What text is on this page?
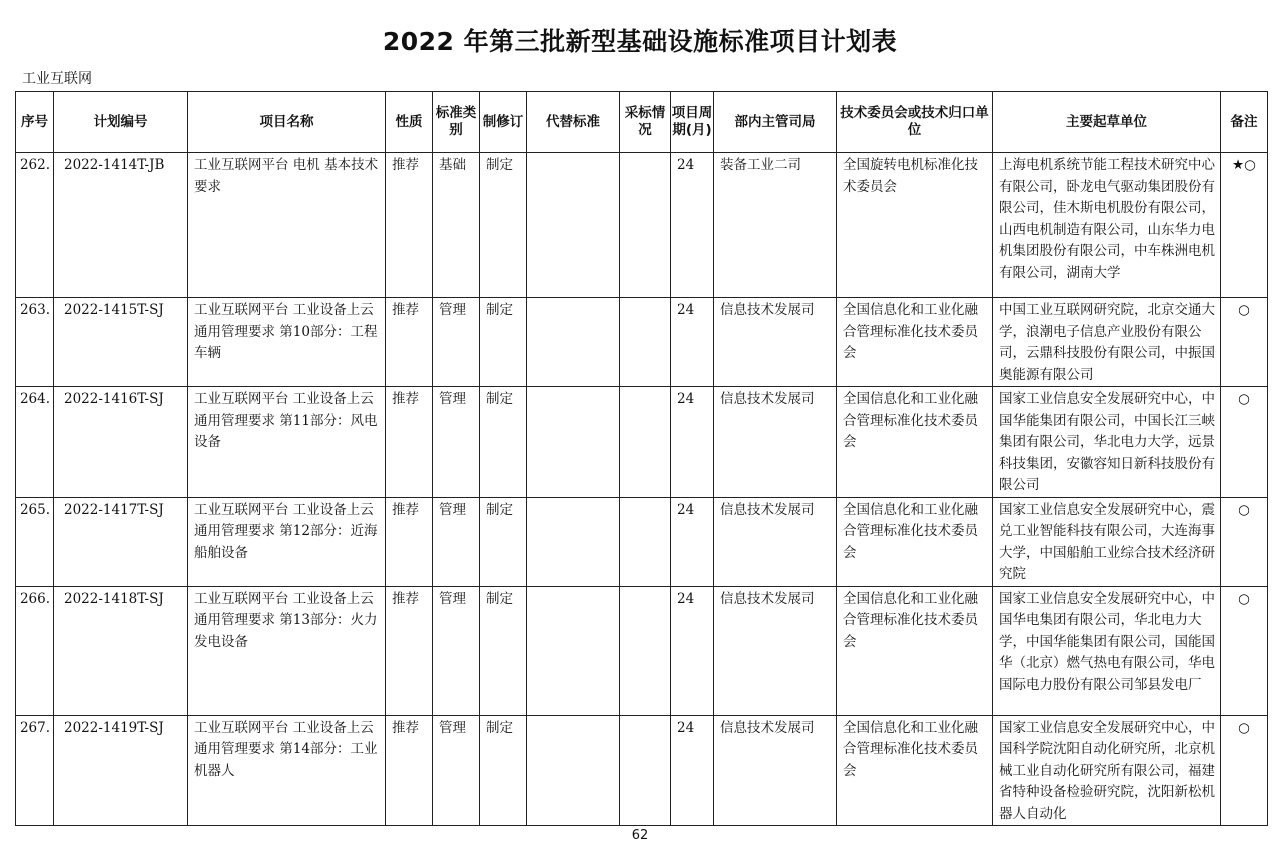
2022 年第三批新型基础设施标准项目计划表
工业互联网
序号	计划编号	项目名称	性质	标准类别	制修订	代替标准	采标情况	项目周期(月)	部内主管司局	技术委员会或技术归口单位	主要起草单位	备注
262.	2022-1414T-JB	工业互联网平台 电机 基本技术要求	推荐	基础	制定			24	装备工业二司	全国旋转电机标准化技术委员会	上海电机系统节能工程技术研究中心有限公司，卧龙电气驱动集团股份有限公司，佳木斯电机股份有限公司，山西电机制造有限公司，山东华力电机集团股份有限公司，中车株洲电机有限公司，湖南大学	★○
263.	2022-1415T-SJ	工业互联网平台 工业设备上云通用管理要求 第10部分：工程车辆	推荐	管理	制定			24	信息技术发展司	全国信息化和工业化融合管理标准化技术委员会	中国工业互联网研究院，北京交通大学，浪潮电子信息产业股份有限公司，云鼎科技股份有限公司，中振国奥能源有限公司	○
264.	2022-1416T-SJ	工业互联网平台 工业设备上云通用管理要求 第11部分：风电设备	推荐	管理	制定			24	信息技术发展司	全国信息化和工业化融合管理标准化技术委员会	国家工业信息安全发展研究中心，中国华能集团有限公司，中国长江三峡集团有限公司，华北电力大学，远景科技集团，安徽容知日新科技股份有限公司	○
265.	2022-1417T-SJ	工业互联网平台 工业设备上云通用管理要求 第12部分：近海船舶设备	推荐	管理	制定			24	信息技术发展司	全国信息化和工业化融合管理标准化技术委员会	国家工业信息安全发展研究中心，震兑工业智能科技有限公司，大连海事大学，中国船舶工业综合技术经济研究院	○
266.	2022-1418T-SJ	工业互联网平台 工业设备上云通用管理要求 第13部分：火力发电设备	推荐	管理	制定			24	信息技术发展司	全国信息化和工业化融合管理标准化技术委员会	国家工业信息安全发展研究中心，中国华电集团有限公司，华北电力大学，中国华能集团有限公司，国能国华（北京）燃气热电有限公司，华电国际电力股份有限公司邹县发电厂	○
267.	2022-1419T-SJ	工业互联网平台 工业设备上云通用管理要求 第14部分：工业机器人	推荐	管理	制定			24	信息技术发展司	全国信息化和工业化融合管理标准化技术委员会	国家工业信息安全发展研究中心，中国科学院沈阳自动化研究所，北京机械工业自动化研究所有限公司，福建省特种设备检验研究院，沈阳新松机器人自动化	○
62
